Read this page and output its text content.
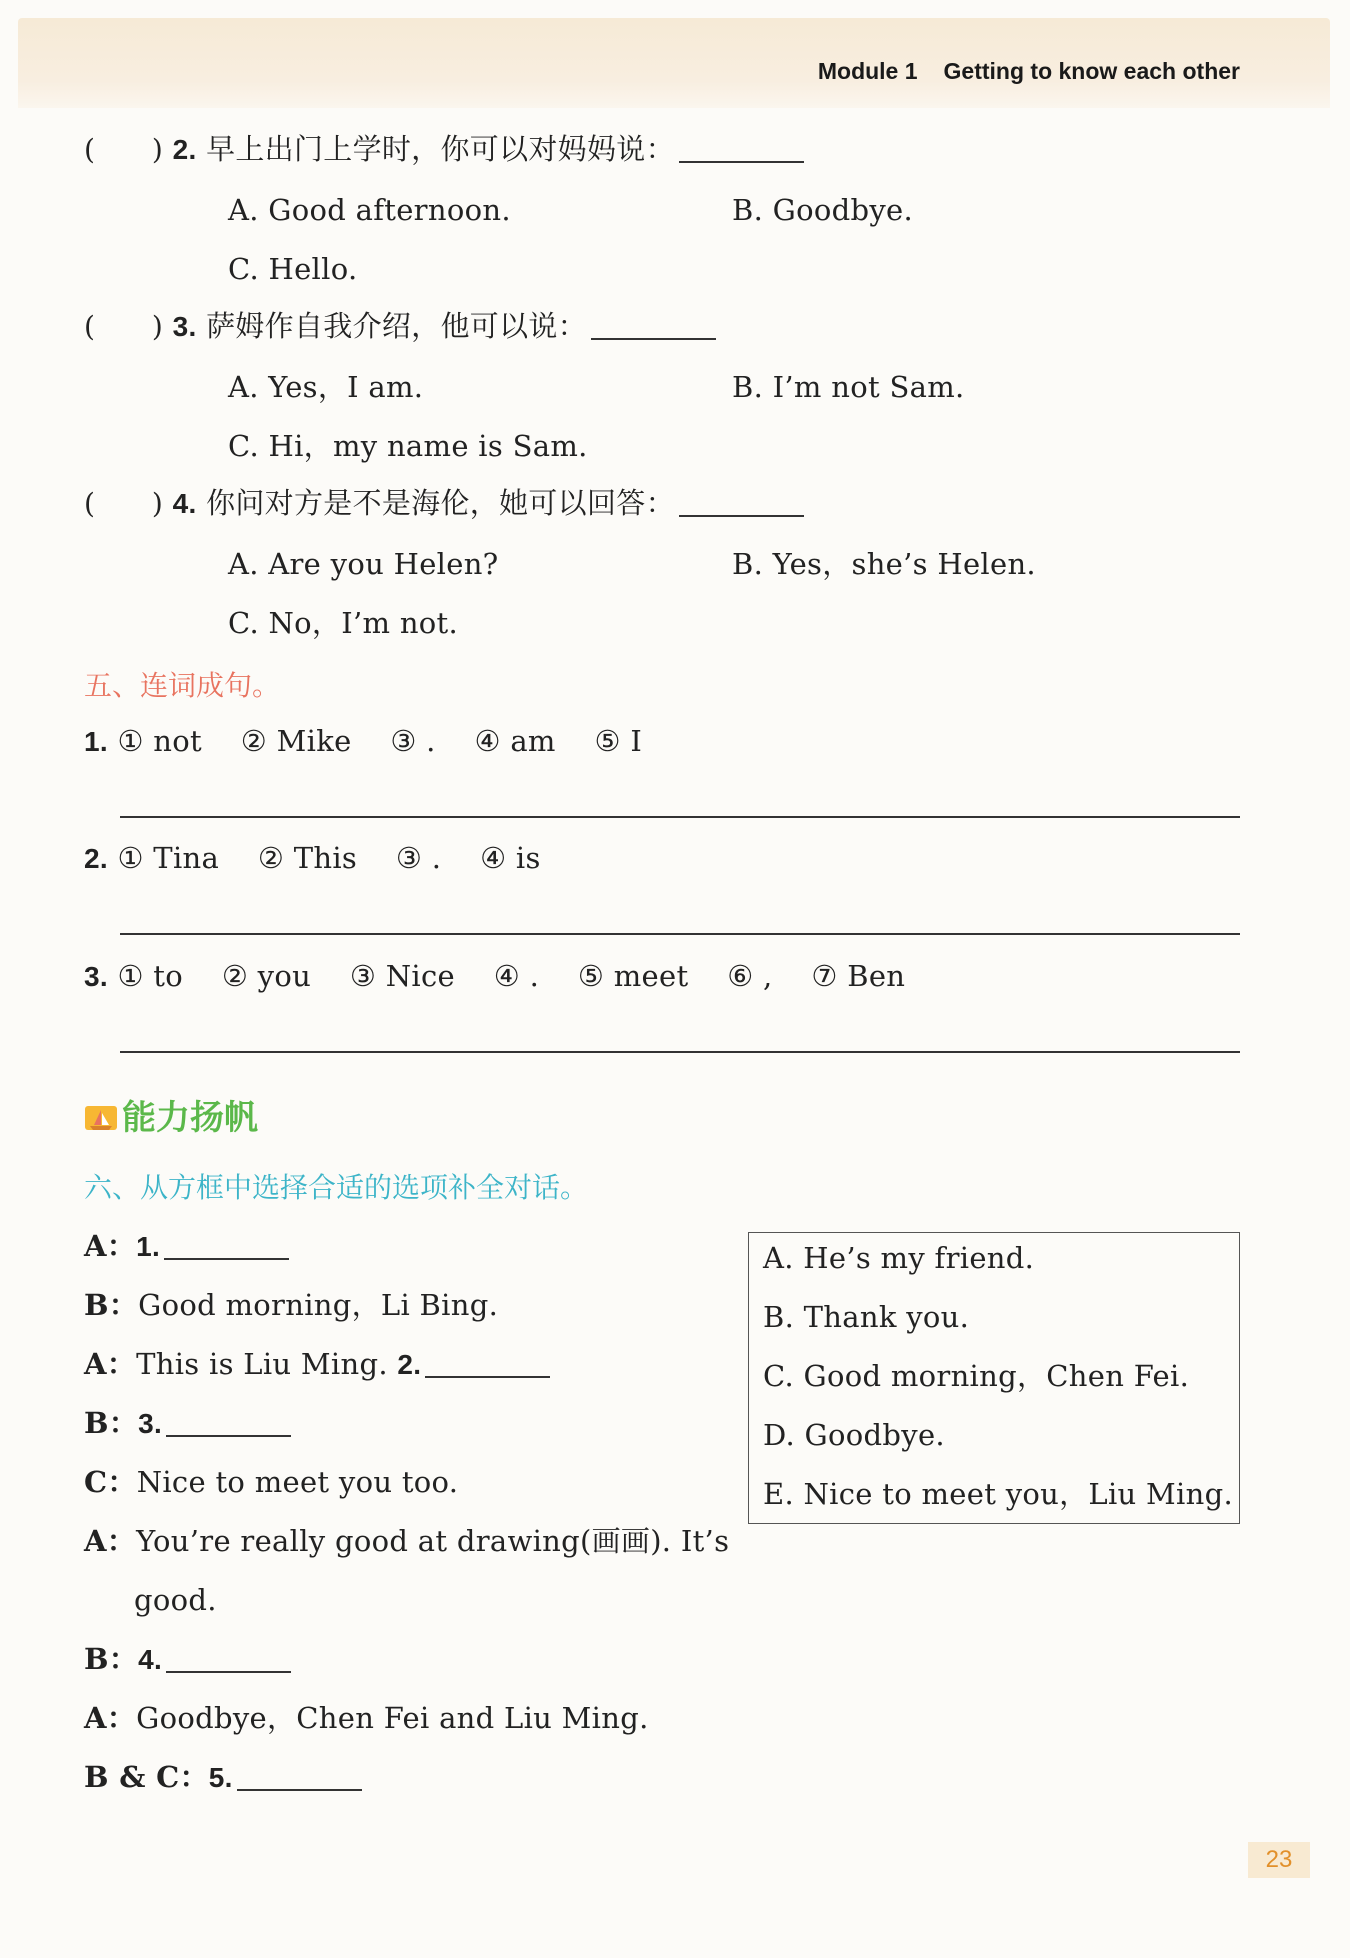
Module 1 Getting to know each other
(　　) 2. 早上出门上学时，你可以对妈妈说：
A. Good afternoon.	B. Goodbye.
C. Hello.
(　　) 3. 萨姆作自我介绍，他可以说：
A. Yes，I am.	B. I’m not Sam.
C. Hi，my name is Sam.
(　　) 4. 你问对方是不是海伦，她可以回答：
A. Are you Helen?	B. Yes，she’s Helen.
C. No，I’m not.
五、连词成句。
1. ① not　 ② Mike　 ③ .　 ④ am　 ⑤ I
2. ① Tina　 ② This　 ③ .　 ④ is
3. ① to　 ② you　 ③ Nice　 ④ .　 ⑤ meet　 ⑥ ,　 ⑦ Ben
能力扬帆
六、从方框中选择合适的选项补全对话。
A：1.
B：Good morning，Li Bing.
A：This is Liu Ming. 2.
B：3.
C：Nice to meet you too.
A：You’re really good at drawing(画画). It’s
good.
B：4.
A：Goodbye，Chen Fei and Liu Ming.
B & C：5.
A. He’s my friend.
B. Thank you.
C. Good morning，Chen Fei.
D. Goodbye.
E. Nice to meet you，Liu Ming.
23
